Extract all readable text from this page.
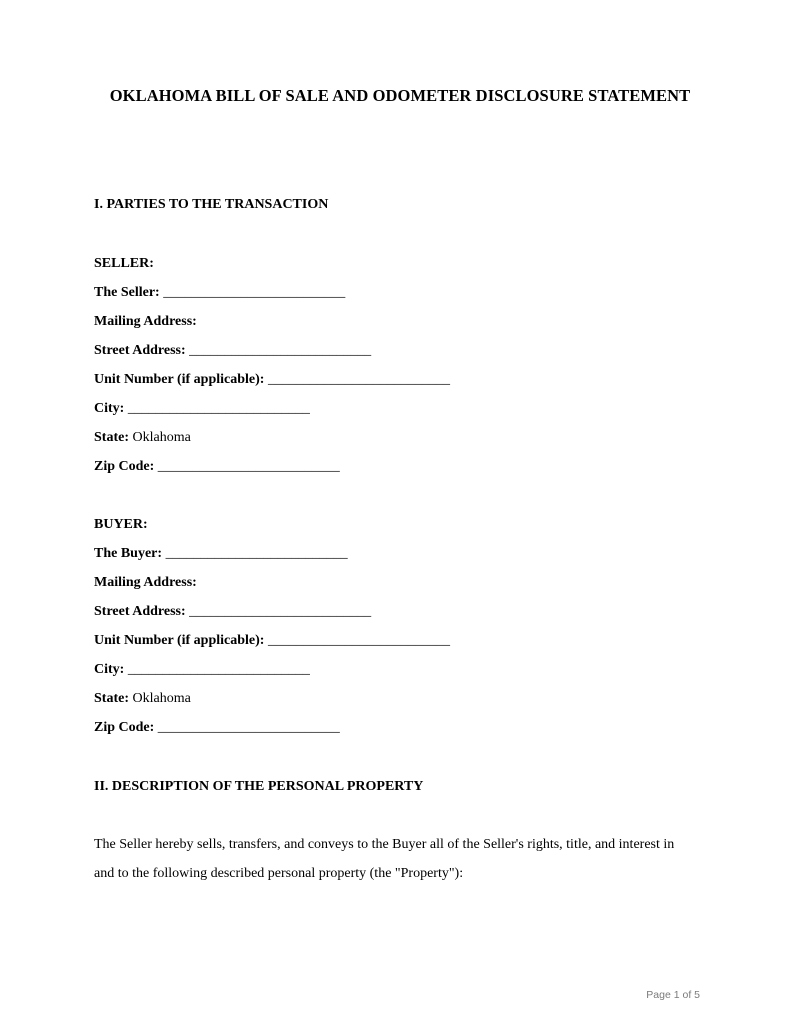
OKLAHOMA BILL OF SALE AND ODOMETER DISCLOSURE STATEMENT
I. PARTIES TO THE TRANSACTION
SELLER:
The Seller: __________________________
Mailing Address:
Street Address: __________________________
Unit Number (if applicable): __________________________
City: __________________________
State: Oklahoma
Zip Code: __________________________
BUYER:
The Buyer: __________________________
Mailing Address:
Street Address: __________________________
Unit Number (if applicable): __________________________
City: __________________________
State: Oklahoma
Zip Code: __________________________
II. DESCRIPTION OF THE PERSONAL PROPERTY
The Seller hereby sells, transfers, and conveys to the Buyer all of the Seller's rights, title, and interest in
and to the following described personal property (the "Property"):
Page 1 of 5
